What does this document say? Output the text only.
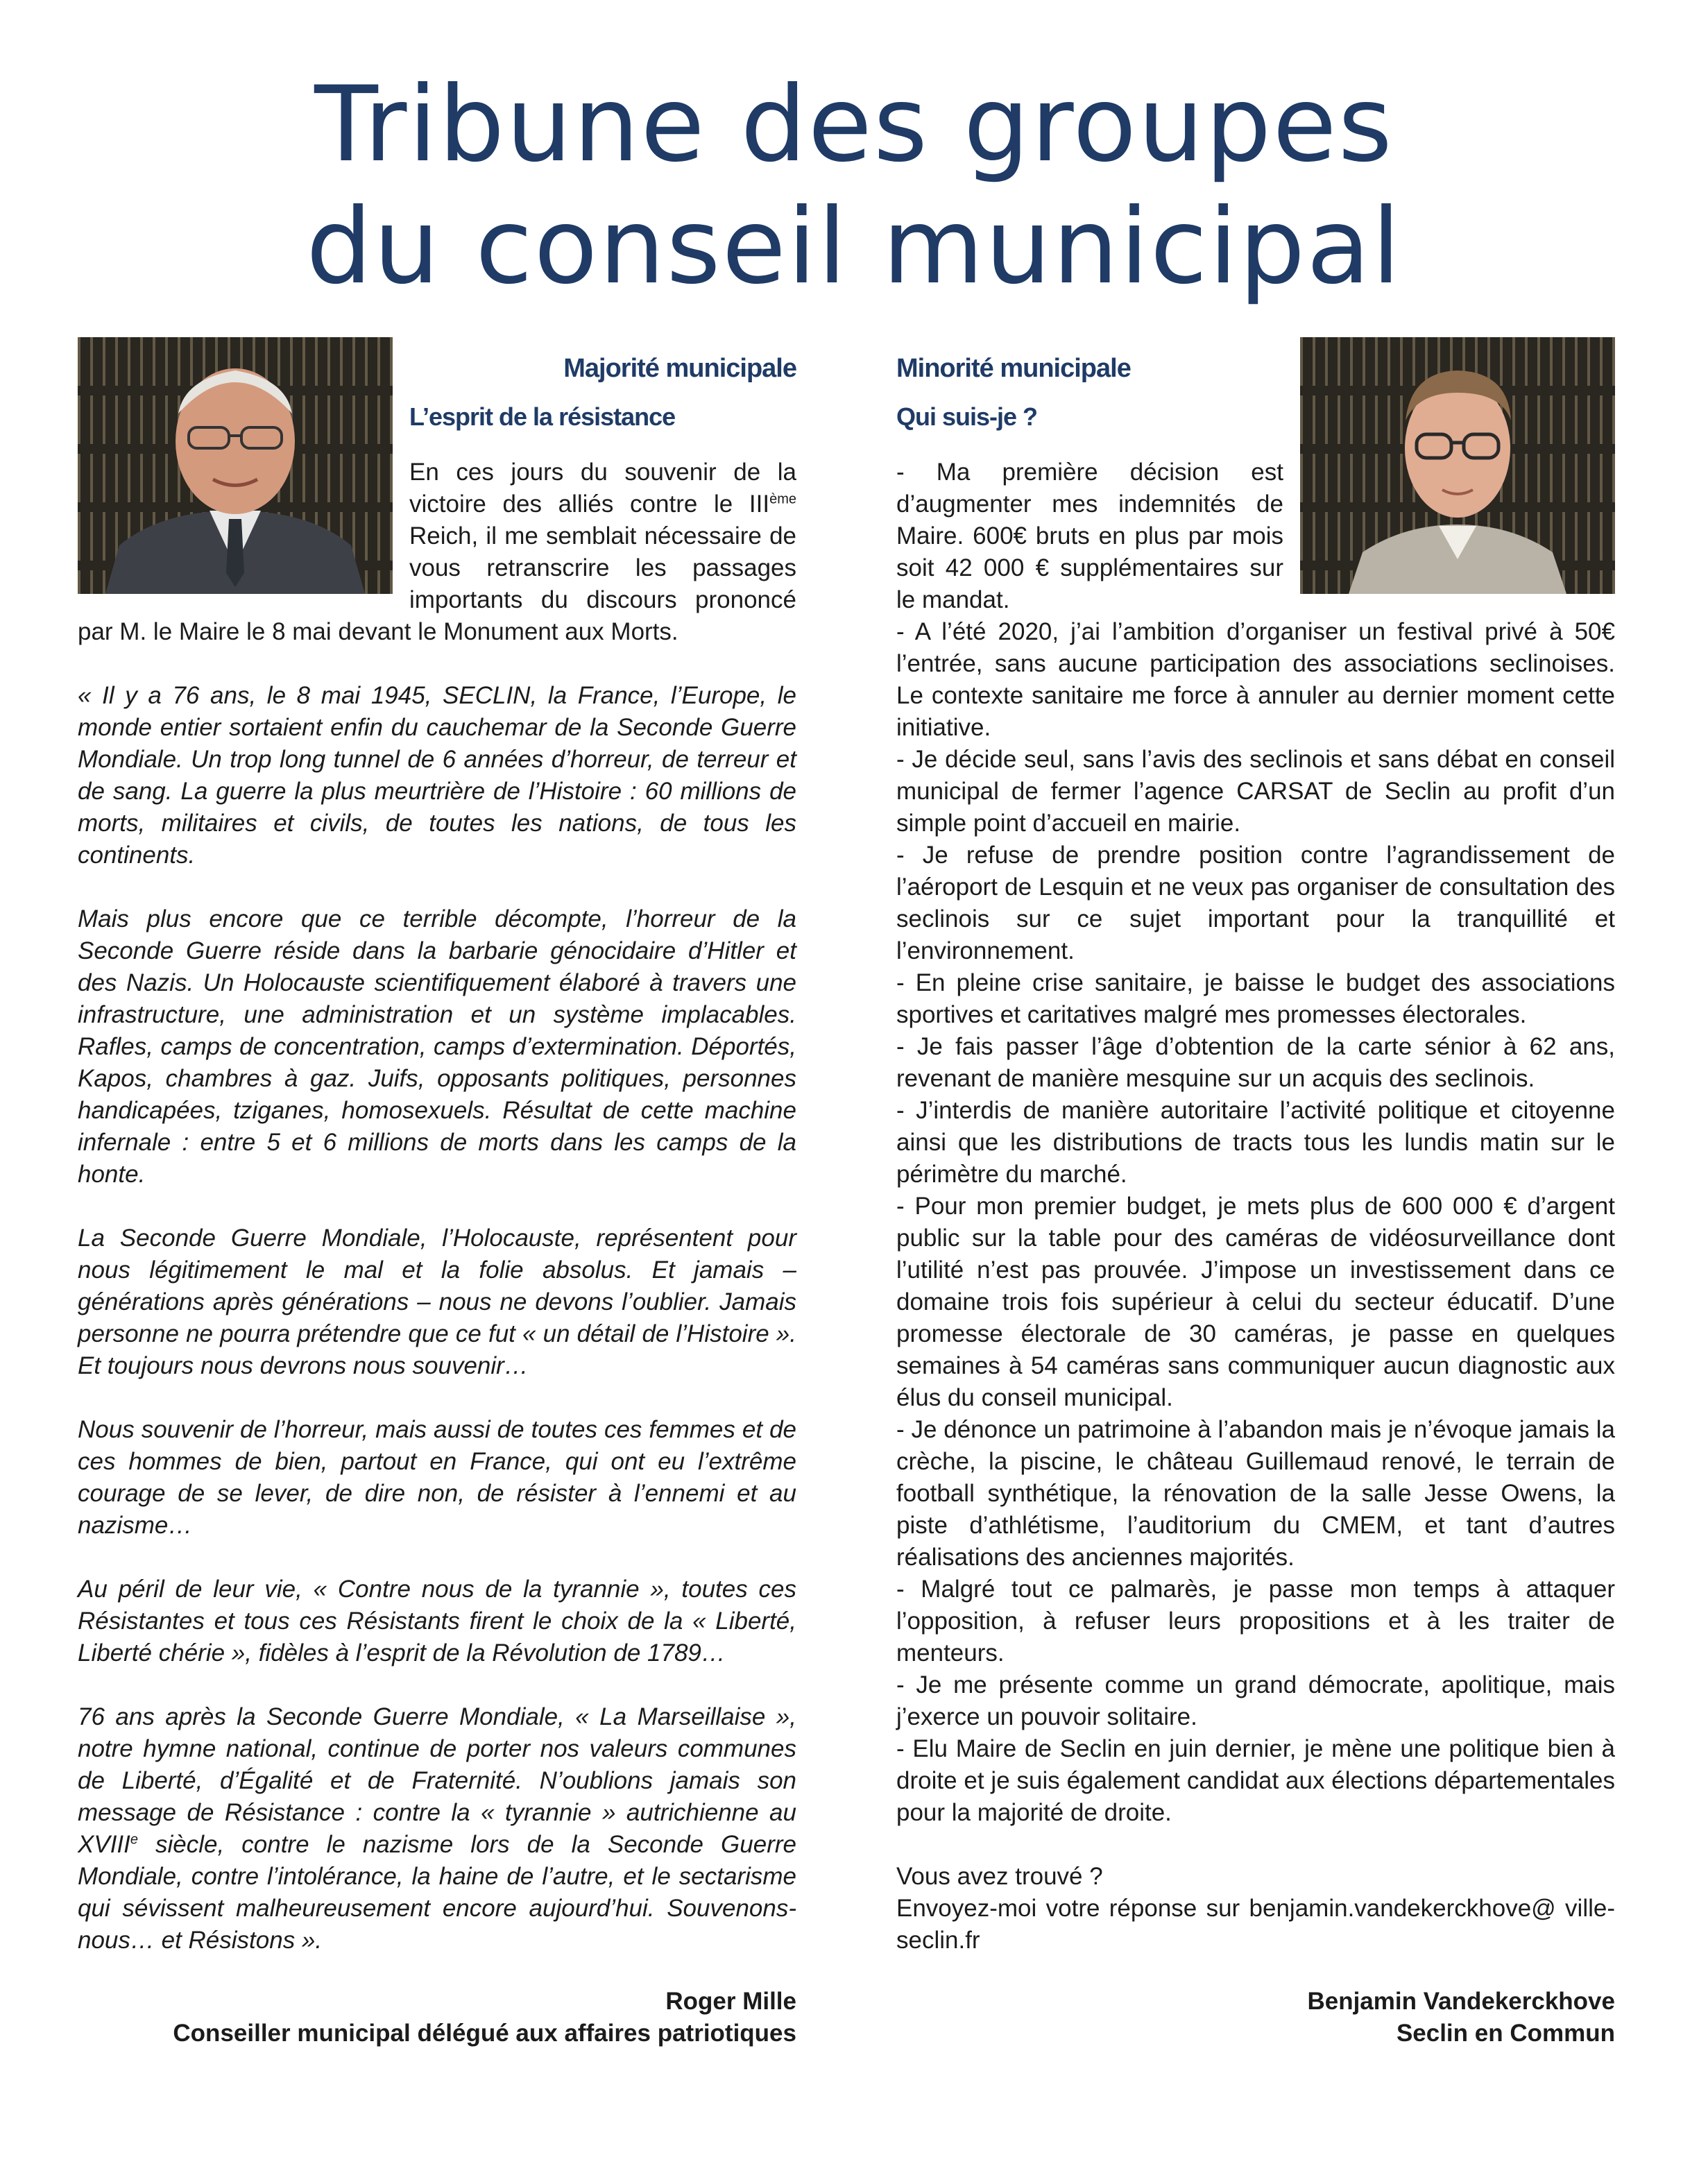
Tribune des groupes
du conseil municipal
Majorité municipale
L’esprit de la résistance

En ces jours du souvenir de la victoire des alliés contre le IIIème Reich, il me semblait nécessaire de vous retranscrire les passages importants du discours prononcé par M. le Maire le 8 mai devant le Monument aux Morts.

« Il y a 76 ans, le 8 mai 1945, SECLIN, la France, l’Europe, le monde entier sortaient enfin du cauchemar de la Seconde Guerre Mondiale. Un trop long tunnel de 6 années d’horreur, de terreur et de sang. La guerre la plus meurtrière de l’Histoire : 60 millions de morts, militaires et civils, de toutes les nations, de tous les continents.

Mais plus encore que ce terrible décompte, l’horreur de la Seconde Guerre réside dans la barbarie génocidaire d’Hitler et des Nazis. Un Holocauste scientifiquement élaboré à travers une infrastructure, une administration et un système implacables. Rafles, camps de concentration, camps d’extermination. Déportés, Kapos, chambres à gaz. Juifs, opposants politiques, personnes handicapées, tziganes, homosexuels. Résultat de cette machine infernale : entre 5 et 6 millions de morts dans les camps de la honte.

La Seconde Guerre Mondiale, l’Holocauste, représentent pour nous légitimement le mal et la folie absolus. Et jamais – générations après générations – nous ne devons l’oublier. Jamais personne ne pourra prétendre que ce fut « un détail de l’Histoire ». Et toujours nous devrons nous souvenir…

Nous souvenir de l’horreur, mais aussi de toutes ces femmes et de ces hommes de bien, partout en France, qui ont eu l’extrême courage de se lever, de dire non, de résister à l’ennemi et au nazisme…

Au péril de leur vie, « Contre nous de la tyrannie », toutes ces Résistantes et tous ces Résistants firent le choix de la « Liberté, Liberté chérie », fidèles à l’esprit de la Révolution de 1789…

76 ans après la Seconde Guerre Mondiale, « La Marseillaise », notre hymne national, continue de porter nos valeurs communes de Liberté, d’Égalité et de Fraternité. N’oublions jamais son message de Résistance : contre la « tyrannie » autrichienne au XVIIIe siècle, contre le nazisme lors de la Seconde Guerre Mondiale, contre l’intolérance, la haine de l’autre, et le sectarisme qui sévissent malheureusement encore aujourd’hui. Souvenons-nous… et Résistons ».

Roger Mille

Conseiller municipal délégué aux affaires patriotiques

Minorité municipale
Qui suis-je ?

- Ma première décision est d’augmenter mes indemnités de Maire. 600€ bruts en plus par mois soit 42 000 € supplémentaires sur le mandat.

- A l’été 2020, j’ai l’ambition d’organiser un festival privé à 50€ l’entrée, sans aucune participation des associations seclinoises. Le contexte sanitaire me force à annuler au dernier moment cette initiative.

- Je décide seul, sans l’avis des seclinois et sans débat en conseil municipal de fermer l’agence CARSAT de Seclin au profit d’un simple point d’accueil en mairie.

- Je refuse de prendre position contre l’agrandissement de l’aéroport de Lesquin et ne veux pas organiser de consultation des seclinois sur ce sujet important pour la tranquillité et l’environnement.

- En pleine crise sanitaire, je baisse le budget des associations sportives et caritatives malgré mes promesses électorales.

- Je fais passer l’âge d’obtention de la carte sénior à 62 ans, revenant de manière mesquine sur un acquis des seclinois.

- J’interdis de manière autoritaire l’activité politique et citoyenne ainsi que les distributions de tracts tous les lundis matin sur le périmètre du marché.

- Pour mon premier budget, je mets plus de 600 000 € d’argent public sur la table pour des caméras de vidéosurveillance dont l’utilité n’est pas prouvée. J’impose un investissement dans ce domaine trois fois supérieur à celui du secteur éducatif. D’une promesse électorale de 30 caméras, je passe en quelques semaines à 54 caméras sans communiquer aucun diagnostic aux élus du conseil municipal.

- Je dénonce un patrimoine à l’abandon mais je n’évoque jamais la crèche, la piscine, le château Guillemaud renové, le terrain de football synthétique, la rénovation de la salle Jesse Owens, la piste d’athlétisme, l’auditorium du CMEM, et tant d’autres réalisations des anciennes majorités.

- Malgré tout ce palmarès, je passe mon temps à attaquer l’opposition, à refuser leurs propositions et à les traiter de menteurs.

- Je me présente comme un grand démocrate, apolitique, mais j’exerce un pouvoir solitaire.

- Elu Maire de Seclin en juin dernier, je mène une politique bien à droite et je suis également candidat aux élections départementales pour la majorité de droite.

Vous avez trouvé ?

Envoyez-moi votre réponse sur benjamin.vandekerckhove@ ville-seclin.fr

Benjamin Vandekerckhove

Seclin en Commun
